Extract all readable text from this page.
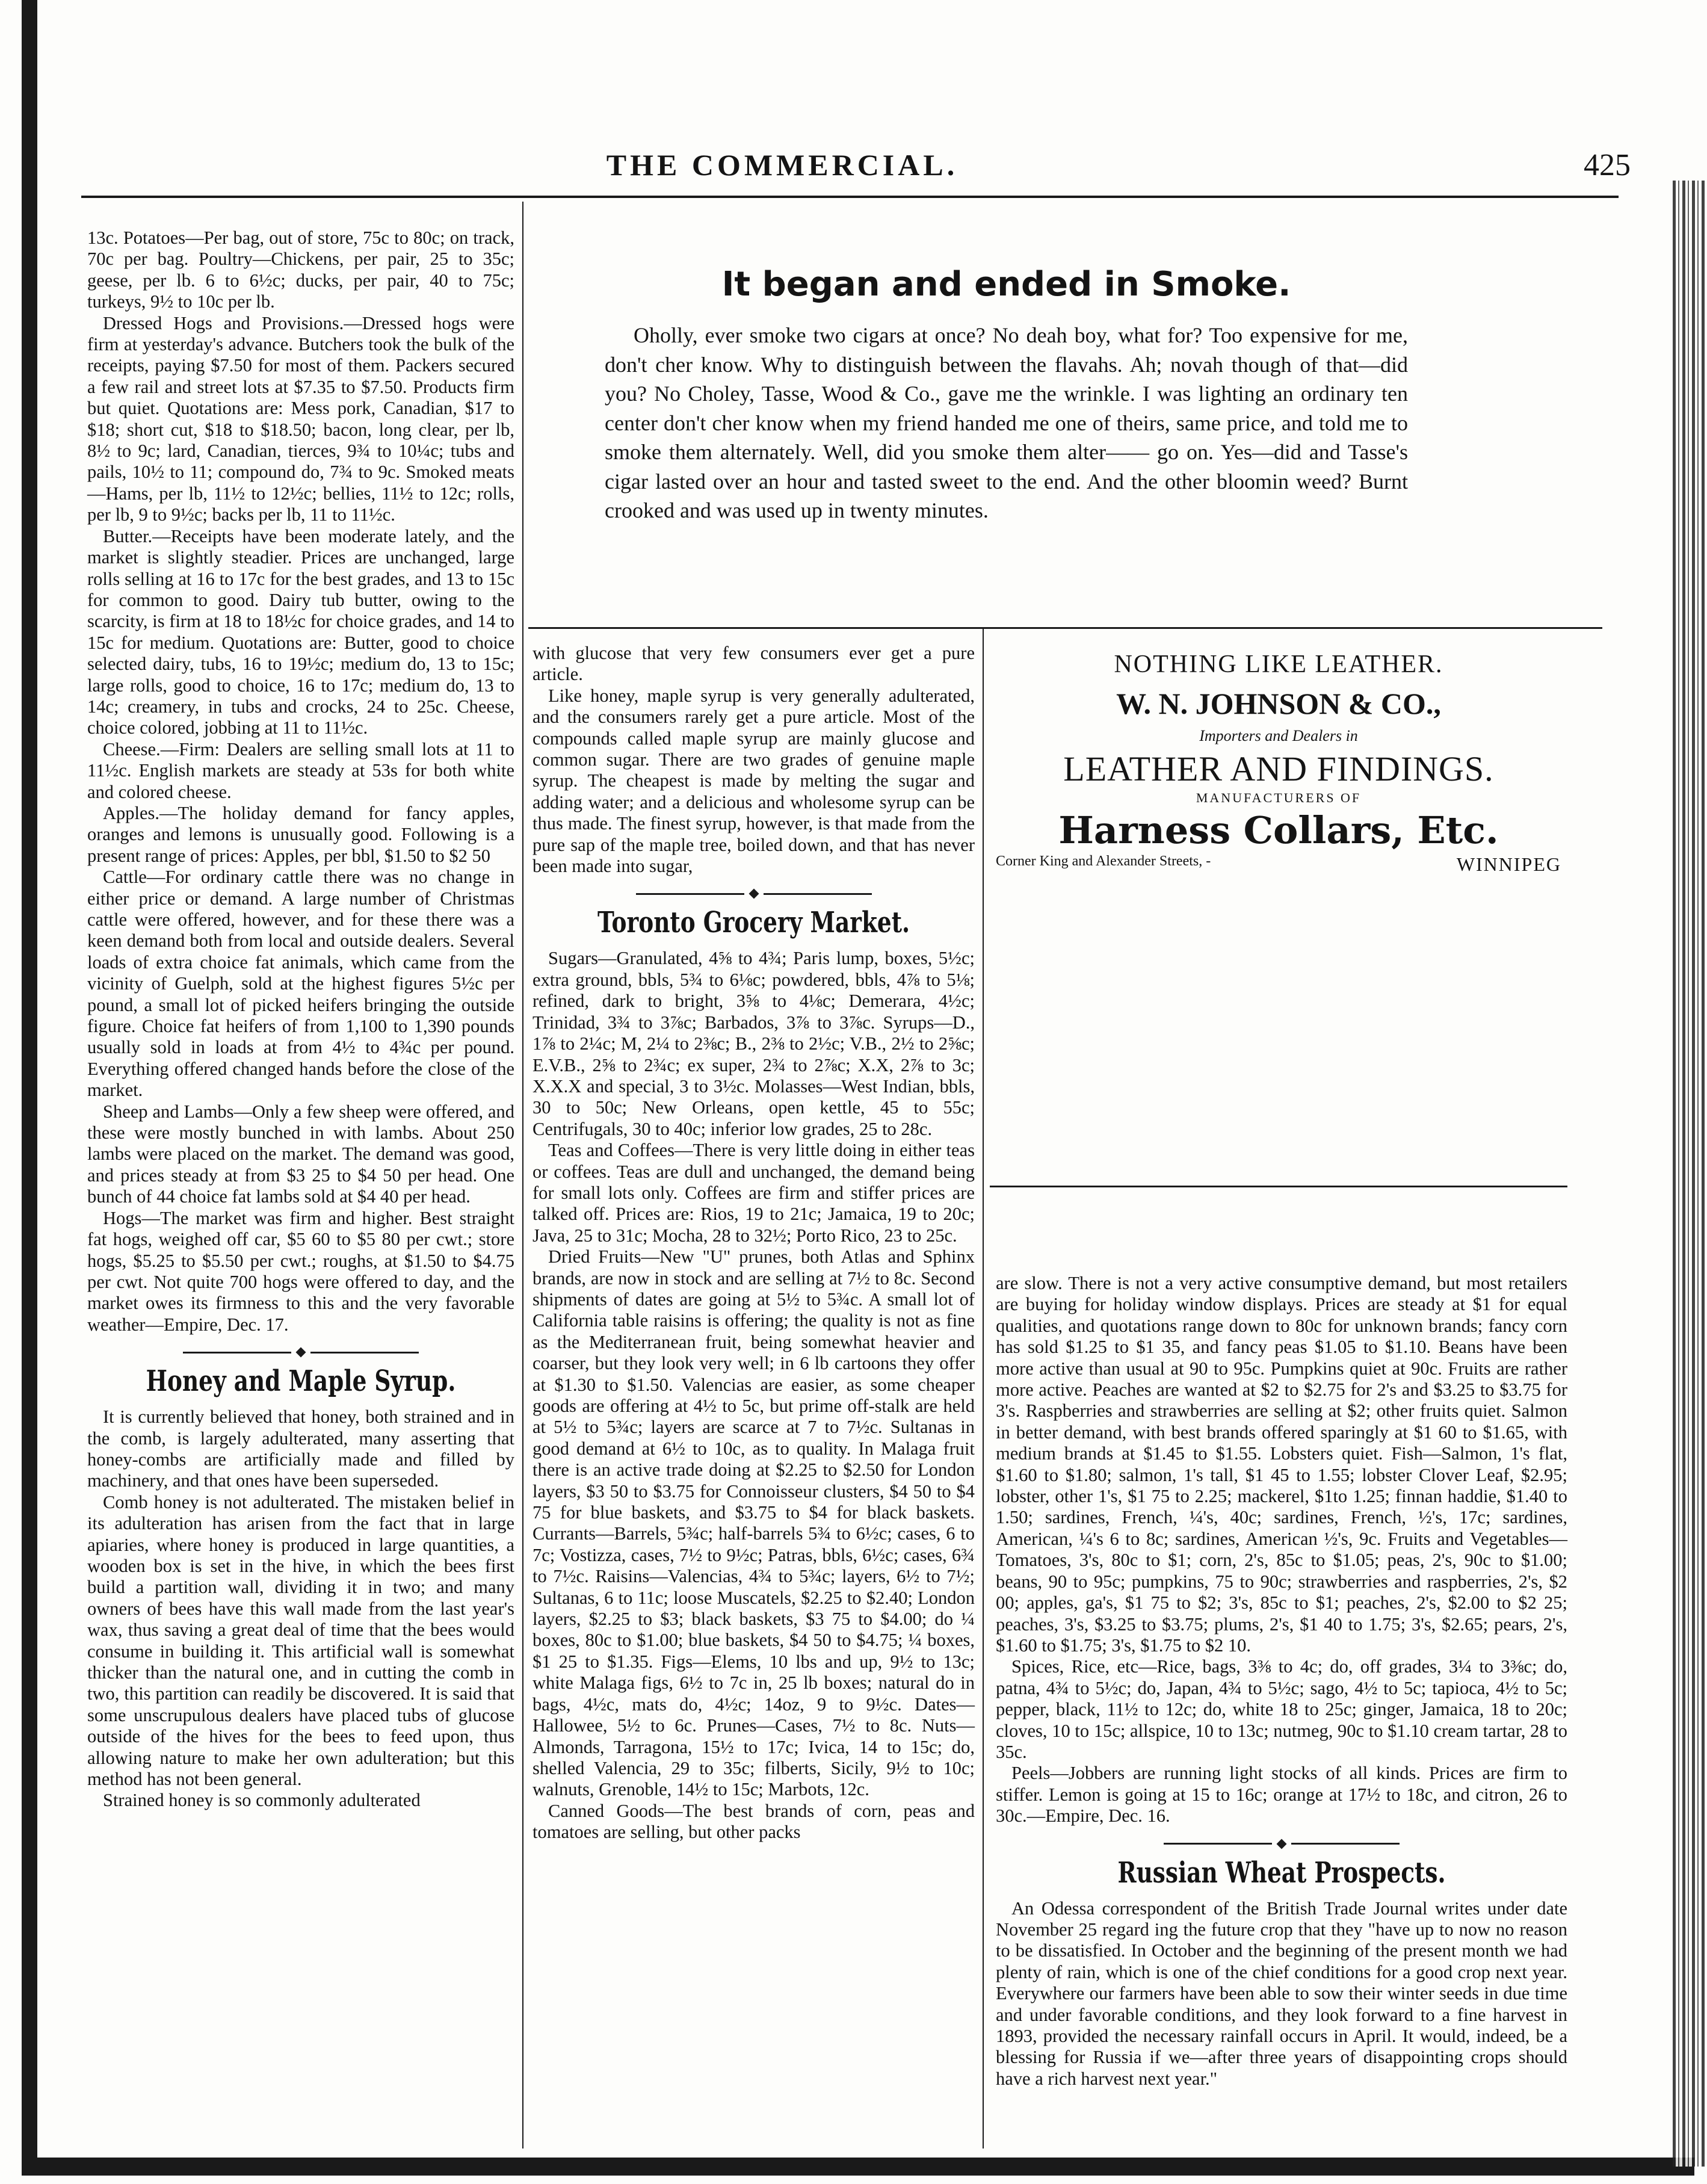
THE COMMERCIAL.	425
It began and ended in Smoke.
Oholly, ever smoke two cigars at once? No deah boy, what for? Too expensive for me, don't cher know. Why to distinguish between the flavahs. Ah; novah though of that—did you? No Choley, Tasse, Wood & Co., gave me the wrinkle. I was lighting an ordinary ten center don't cher know when my friend handed me one of theirs, same price, and told me to smoke them alternately. Well, did you smoke them alter—— go on. Yes—did and Tasse's cigar lasted over an hour and tasted sweet to the end. And the other bloomin weed? Burnt crooked and was used up in twenty minutes.
NOTHING LIKE LEATHER.
W. N. JOHNSON & CO.,
Importers and Dealers in
LEATHER AND FINDINGS.
MANUFACTURERS OF
Harness Collars, Etc.
Corner King and Alexander Streets, -	WINNIPEG

13c. Potatoes—Per bag, out of store, 75c to 80c; on track, 70c per bag. Poultry—Chickens, per pair, 25 to 35c; geese, per lb. 6 to 6½c; ducks, per pair, 40 to 75c; turkeys, 9½ to 10c per lb.

Dressed Hogs and Provisions.—Dressed hogs were firm at yesterday's advance. Butchers took the bulk of the receipts, paying $7.50 for most of them. Packers secured a few rail and street lots at $7.35 to $7.50. Products firm but quiet. Quotations are: Mess pork, Canadian, $17 to $18; short cut, $18 to $18.50; bacon, long clear, per lb, 8½ to 9c; lard, Canadian, tierces, 9¾ to 10¼c; tubs and pails, 10½ to 11; compound do, 7¾ to 9c. Smoked meats—Hams, per lb, 11½ to 12½c; bellies, 11½ to 12c; rolls, per lb, 9 to 9½c; backs per lb, 11 to 11½c.

Butter.—Receipts have been moderate lately, and the market is slightly steadier. Prices are unchanged, large rolls selling at 16 to 17c for the best grades, and 13 to 15c for common to good. Dairy tub butter, owing to the scarcity, is firm at 18 to 18½c for choice grades, and 14 to 15c for medium. Quotations are: Butter, good to choice selected dairy, tubs, 16 to 19½c; medium do, 13 to 15c; large rolls, good to choice, 16 to 17c; medium do, 13 to 14c; creamery, in tubs and crocks, 24 to 25c. Cheese, choice colored, jobbing at 11 to 11½c.

Cheese.—Firm: Dealers are selling small lots at 11 to 11½c. English markets are steady at 53s for both white and colored cheese.

Apples.—The holiday demand for fancy apples, oranges and lemons is unusually good. Following is a present range of prices: Apples, per bbl, $1.50 to $2 50

Cattle—For ordinary cattle there was no change in either price or demand. A large number of Christmas cattle were offered, however, and for these there was a keen demand both from local and outside dealers. Several loads of extra choice fat animals, which came from the vicinity of Guelph, sold at the highest figures 5½c per pound, a small lot of picked heifers bringing the outside figure. Choice fat heifers of from 1,100 to 1,390 pounds usually sold in loads at from 4½ to 4¾c per pound. Everything offered changed hands before the close of the market.

Sheep and Lambs—Only a few sheep were offered, and these were mostly bunched in with lambs. About 250 lambs were placed on the market. The demand was good, and prices steady at from $3 25 to $4 50 per head. One bunch of 44 choice fat lambs sold at $4 40 per head.

Hogs—The market was firm and higher. Best straight fat hogs, weighed off car, $5 60 to $5 80 per cwt.; store hogs, $5.25 to $5.50 per cwt.; roughs, at $1.50 to $4.75 per cwt. Not quite 700 hogs were offered to day, and the market owes its firmness to this and the very favorable weather—Empire, Dec. 17.

Honey and Maple Syrup.

It is currently believed that honey, both strained and in the comb, is largely adulterated, many asserting that honey-combs are artificially made and filled by machinery, and that ones have been superseded.

Comb honey is not adulterated. The mistaken belief in its adulteration has arisen from the fact that in large apiaries, where honey is produced in large quantities, a wooden box is set in the hive, in which the bees first build a partition wall, dividing it in two; and many owners of bees have this wall made from the last year's wax, thus saving a great deal of time that the bees would consume in building it. This artificial wall is somewhat thicker than the natural one, and in cutting the comb in two, this partition can readily be discovered. It is said that some unscrupulous dealers have placed tubs of glucose outside of the hives for the bees to feed upon, thus allowing nature to make her own adulteration; but this method has not been general.

Strained honey is so commonly adulterated

with glucose that very few consumers ever get a pure article.

Like honey, maple syrup is very generally adulterated, and the consumers rarely get a pure article. Most of the compounds called maple syrup are mainly glucose and common sugar. There are two grades of genuine maple syrup. The cheapest is made by melting the sugar and adding water; and a delicious and wholesome syrup can be thus made. The finest syrup, however, is that made from the pure sap of the maple tree, boiled down, and that has never been made into sugar,

Toronto Grocery Market.

Sugars—Granulated, 4⅝ to 4¾; Paris lump, boxes, 5½c; extra ground, bbls, 5¾ to 6⅛c; powdered, bbls, 4⅞ to 5⅛; refined, dark to bright, 3⅝ to 4⅛c; Demerara, 4½c; Trinidad, 3¾ to 3⅞c; Barbados, 3⅞ to 3⅞c. Syrups—D., 1⅞ to 2¼c; M, 2¼ to 2⅜c; B., 2⅜ to 2½c; V.B., 2½ to 2⅝c; E.V.B., 2⅝ to 2¾c; ex super, 2¾ to 2⅞c; X.X, 2⅞ to 3c; X.X.X and special, 3 to 3½c. Molasses—West Indian, bbls, 30 to 50c; New Orleans, open kettle, 45 to 55c; Centrifugals, 30 to 40c; inferior low grades, 25 to 28c.

Teas and Coffees—There is very little doing in either teas or coffees. Teas are dull and unchanged, the demand being for small lots only. Coffees are firm and stiffer prices are talked off. Prices are: Rios, 19 to 21c; Jamaica, 19 to 20c; Java, 25 to 31c; Mocha, 28 to 32½; Porto Rico, 23 to 25c.

Dried Fruits—New "U" prunes, both Atlas and Sphinx brands, are now in stock and are selling at 7½ to 8c. Second shipments of dates are going at 5½ to 5¾c. A small lot of California table raisins is offering; the quality is not as fine as the Mediterranean fruit, being somewhat heavier and coarser, but they look very well; in 6 lb cartoons they offer at $1.30 to $1.50. Valencias are easier, as some cheaper goods are offering at 4½ to 5c, but prime off-stalk are held at 5½ to 5¾c; layers are scarce at 7 to 7½c. Sultanas in good demand at 6½ to 10c, as to quality. In Malaga fruit there is an active trade doing at $2.25 to $2.50 for London layers, $3 50 to $3.75 for Connoisseur clusters, $4 50 to $4 75 for blue baskets, and $3.75 to $4 for black baskets. Currants—Barrels, 5¾c; half-barrels 5¾ to 6½c; cases, 6 to 7c; Vostizza, cases, 7½ to 9½c; Patras, bbls, 6½c; cases, 6¾ to 7½c. Raisins—Valencias, 4¾ to 5¾c; layers, 6½ to 7½; Sultanas, 6 to 11c; loose Muscatels, $2.25 to $2.40; London layers, $2.25 to $3; black baskets, $3 75 to $4.00; do ¼ boxes, 80c to $1.00; blue baskets, $4 50 to $4.75; ¼ boxes, $1 25 to $1.35. Figs—Elems, 10 lbs and up, 9½ to 13c; white Malaga figs, 6½ to 7c in, 25 lb boxes; natural do in bags, 4½c, mats do, 4½c; 14oz, 9 to 9½c. Dates—Hallowee, 5½ to 6c. Prunes—Cases, 7½ to 8c. Nuts—Almonds, Tarragona, 15½ to 17c; Ivica, 14 to 15c; do, shelled Valencia, 29 to 35c; filberts, Sicily, 9½ to 10c; walnuts, Grenoble, 14½ to 15c; Marbots, 12c.

Canned Goods—The best brands of corn, peas and tomatoes are selling, but other packs

are slow. There is not a very active consumptive demand, but most retailers are buying for holiday window displays. Prices are steady at $1 for equal qualities, and quotations range down to 80c for unknown brands; fancy corn has sold $1.25 to $1 35, and fancy peas $1.05 to $1.10. Beans have been more active than usual at 90 to 95c. Pumpkins quiet at 90c. Fruits are rather more active. Peaches are wanted at $2 to $2.75 for 2's and $3.25 to $3.75 for 3's. Raspberries and strawberries are selling at $2; other fruits quiet. Salmon in better demand, with best brands offered sparingly at $1 60 to $1.65, with medium brands at $1.45 to $1.55. Lobsters quiet. Fish—Salmon, 1's flat, $1.60 to $1.80; salmon, 1's tall, $1 45 to 1.55; lobster Clover Leaf, $2.95; lobster, other 1's, $1 75 to 2.25; mackerel, $1to 1.25; finnan haddie, $1.40 to 1.50; sardines, French, ¼'s, 40c; sardines, French, ½'s, 17c; sardines, American, ¼'s 6 to 8c; sardines, American ½'s, 9c. Fruits and Vegetables—Tomatoes, 3's, 80c to $1; corn, 2's, 85c to $1.05; peas, 2's, 90c to $1.00; beans, 90 to 95c; pumpkins, 75 to 90c; strawberries and raspberries, 2's, $2 00; apples, ga's, $1 75 to $2; 3's, 85c to $1; peaches, 2's, $2.00 to $2 25; peaches, 3's, $3.25 to $3.75; plums, 2's, $1 40 to 1.75; 3's, $2.65; pears, 2's, $1.60 to $1.75; 3's, $1.75 to $2 10.

Spices, Rice, etc—Rice, bags, 3⅜ to 4c; do, off grades, 3¼ to 3⅜c; do, patna, 4¾ to 5½c; do, Japan, 4¾ to 5½c; sago, 4½ to 5c; tapioca, 4½ to 5c; pepper, black, 11½ to 12c; do, white 18 to 25c; ginger, Jamaica, 18 to 20c; cloves, 10 to 15c; allspice, 10 to 13c; nutmeg, 90c to $1.10 cream tartar, 28 to 35c.

Peels—Jobbers are running light stocks of all kinds. Prices are firm to stiffer. Lemon is going at 15 to 16c; orange at 17½ to 18c, and citron, 26 to 30c.—Empire, Dec. 16.

Russian Wheat Prospects.

An Odessa correspondent of the British Trade Journal writes under date November 25 regard ing the future crop that they "have up to now no reason to be dissatisfied. In October and the beginning of the present month we had plenty of rain, which is one of the chief conditions for a good crop next year. Everywhere our farmers have been able to sow their winter seeds in due time and under favorable conditions, and they look forward to a fine harvest in 1893, provided the necessary rainfall occurs in April. It would, indeed, be a blessing for Russia if we—after three years of disappointing crops should have a rich harvest next year."
